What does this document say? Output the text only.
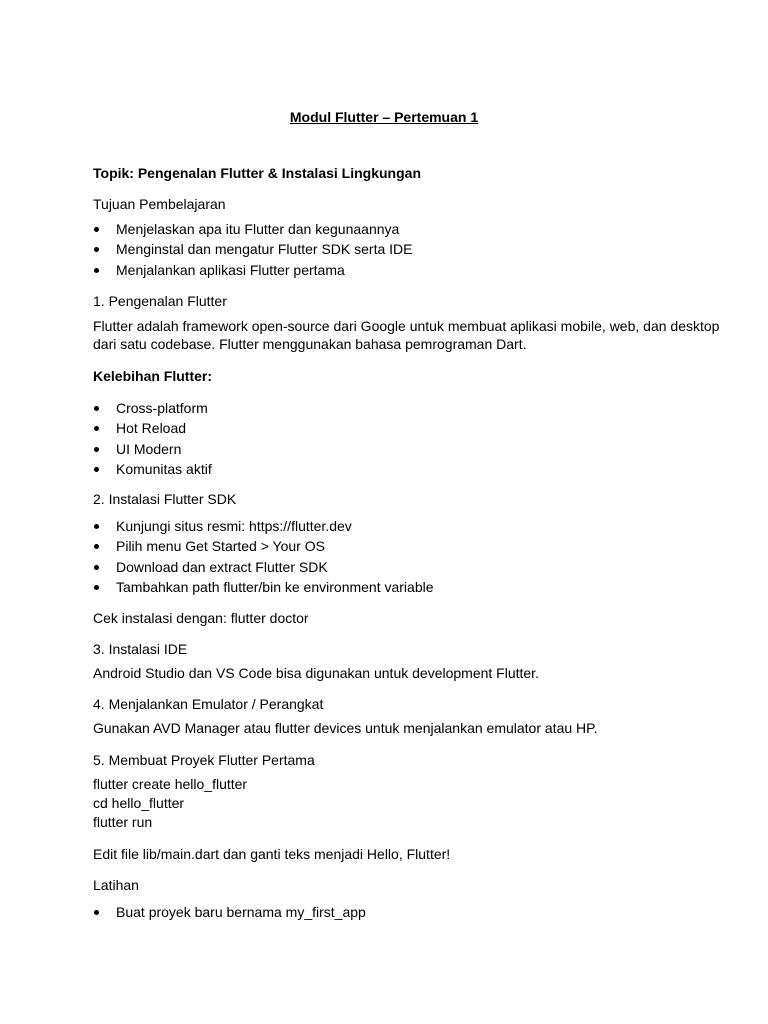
Modul Flutter – Pertemuan 1

Topik: Pengenalan Flutter & Instalasi Lingkungan

Tujuan Pembelajaran

Menjelaskan apa itu Flutter dan kegunaannya
Menginstal dan mengatur Flutter SDK serta IDE
Menjalankan aplikasi Flutter pertama

1. Pengenalan Flutter

Flutter adalah framework open-source dari Google untuk membuat aplikasi mobile, web, dan desktop

dari satu codebase. Flutter menggunakan bahasa pemrograman Dart.

Kelebihan Flutter:

Cross-platform
Hot Reload
UI Modern
Komunitas aktif

2. Instalasi Flutter SDK

Kunjungi situs resmi: https://flutter.dev
Pilih menu Get Started > Your OS
Download dan extract Flutter SDK
Tambahkan path flutter/bin ke environment variable

Cek instalasi dengan: flutter doctor

3. Instalasi IDE

Android Studio dan VS Code bisa digunakan untuk development Flutter.

4. Menjalankan Emulator / Perangkat

Gunakan AVD Manager atau flutter devices untuk menjalankan emulator atau HP.

5. Membuat Proyek Flutter Pertama

flutter create hello_flutter

cd hello_flutter

flutter run

Edit file lib/main.dart dan ganti teks menjadi Hello, Flutter!

Latihan

Buat proyek baru bernama my_first_app
